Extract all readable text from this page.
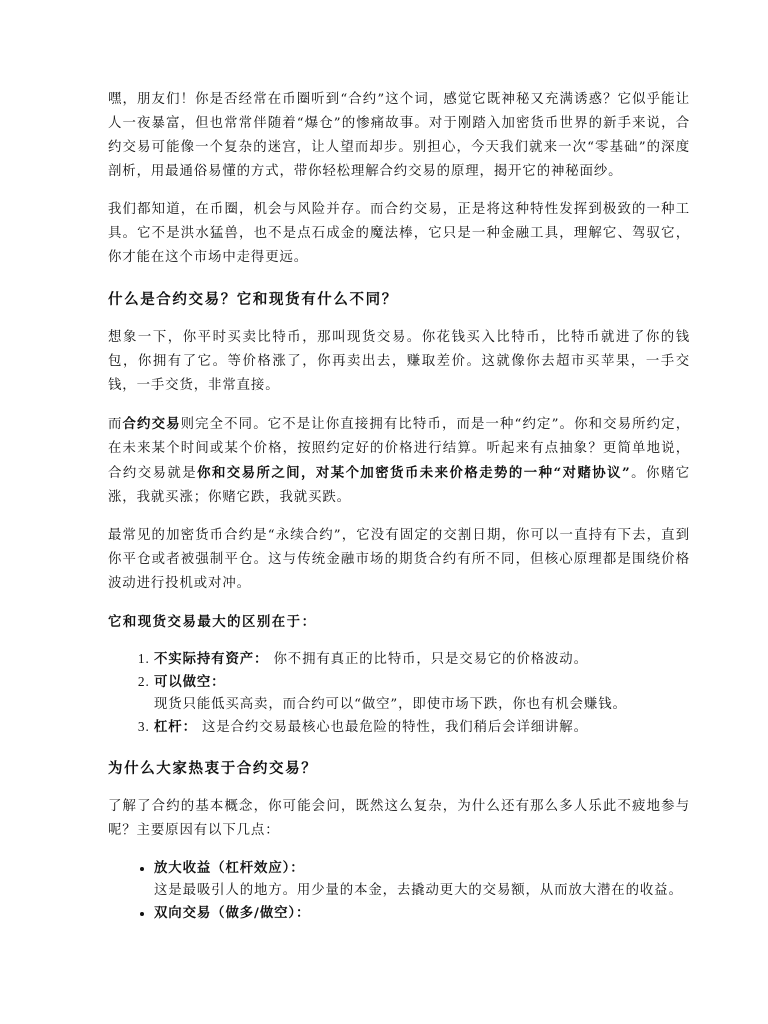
嘿，朋友们！你是否经常在币圈听到“合约”这个词，感觉它既神秘又充满诱惑？它似乎能让人一夜暴富，但也常常伴随着“爆仓”的惨痛故事。对于刚踏入加密货币世界的新手来说，合约交易可能像一个复杂的迷宫，让人望而却步。别担心，今天我们就来一次“零基础”的深度剖析，用最通俗易懂的方式，带你轻松理解合约交易的原理，揭开它的神秘面纱。

我们都知道，在币圈，机会与风险并存。而合约交易，正是将这种特性发挥到极致的一种工具。它不是洪水猛兽，也不是点石成金的魔法棒，它只是一种金融工具，理解它、驾驭它，你才能在这个市场中走得更远。

什么是合约交易？它和现货有什么不同？

想象一下，你平时买卖比特币，那叫现货交易。你花钱买入比特币，比特币就进了你的钱包，你拥有了它。等价格涨了，你再卖出去，赚取差价。这就像你去超市买苹果，一手交钱，一手交货，非常直接。

而合约交易则完全不同。它不是让你直接拥有比特币，而是一种“约定”。你和交易所约定，在未来某个时间或某个价格，按照约定好的价格进行结算。听起来有点抽象？更简单地说，合约交易就是你和交易所之间，对某个加密货币未来价格走势的一种“对赌协议”。你赌它涨，我就买涨；你赌它跌，我就买跌。

最常见的加密货币合约是“永续合约”，它没有固定的交割日期，你可以一直持有下去，直到你平仓或者被强制平仓。这与传统金融市场的期货合约有所不同，但核心原理都是围绕价格波动进行投机或对冲。

它和现货交易最大的区别在于：
1. 不实际持有资产： 你不拥有真正的比特币，只是交易它的价格波动。
2. 可以做空：
现货只能低买高卖，而合约可以“做空”，即使市场下跌，你也有机会赚钱。
3. 杠杆： 这是合约交易最核心也最危险的特性，我们稍后会详细讲解。
为什么大家热衷于合约交易？

了解了合约的基本概念，你可能会问，既然这么复杂，为什么还有那么多人乐此不疲地参与呢？主要原因有以下几点：

• 放大收益（杠杆效应）：
这是最吸引人的地方。用少量的本金，去撬动更大的交易额，从而放大潜在的收益。
• 双向交易（做多/做空）：
